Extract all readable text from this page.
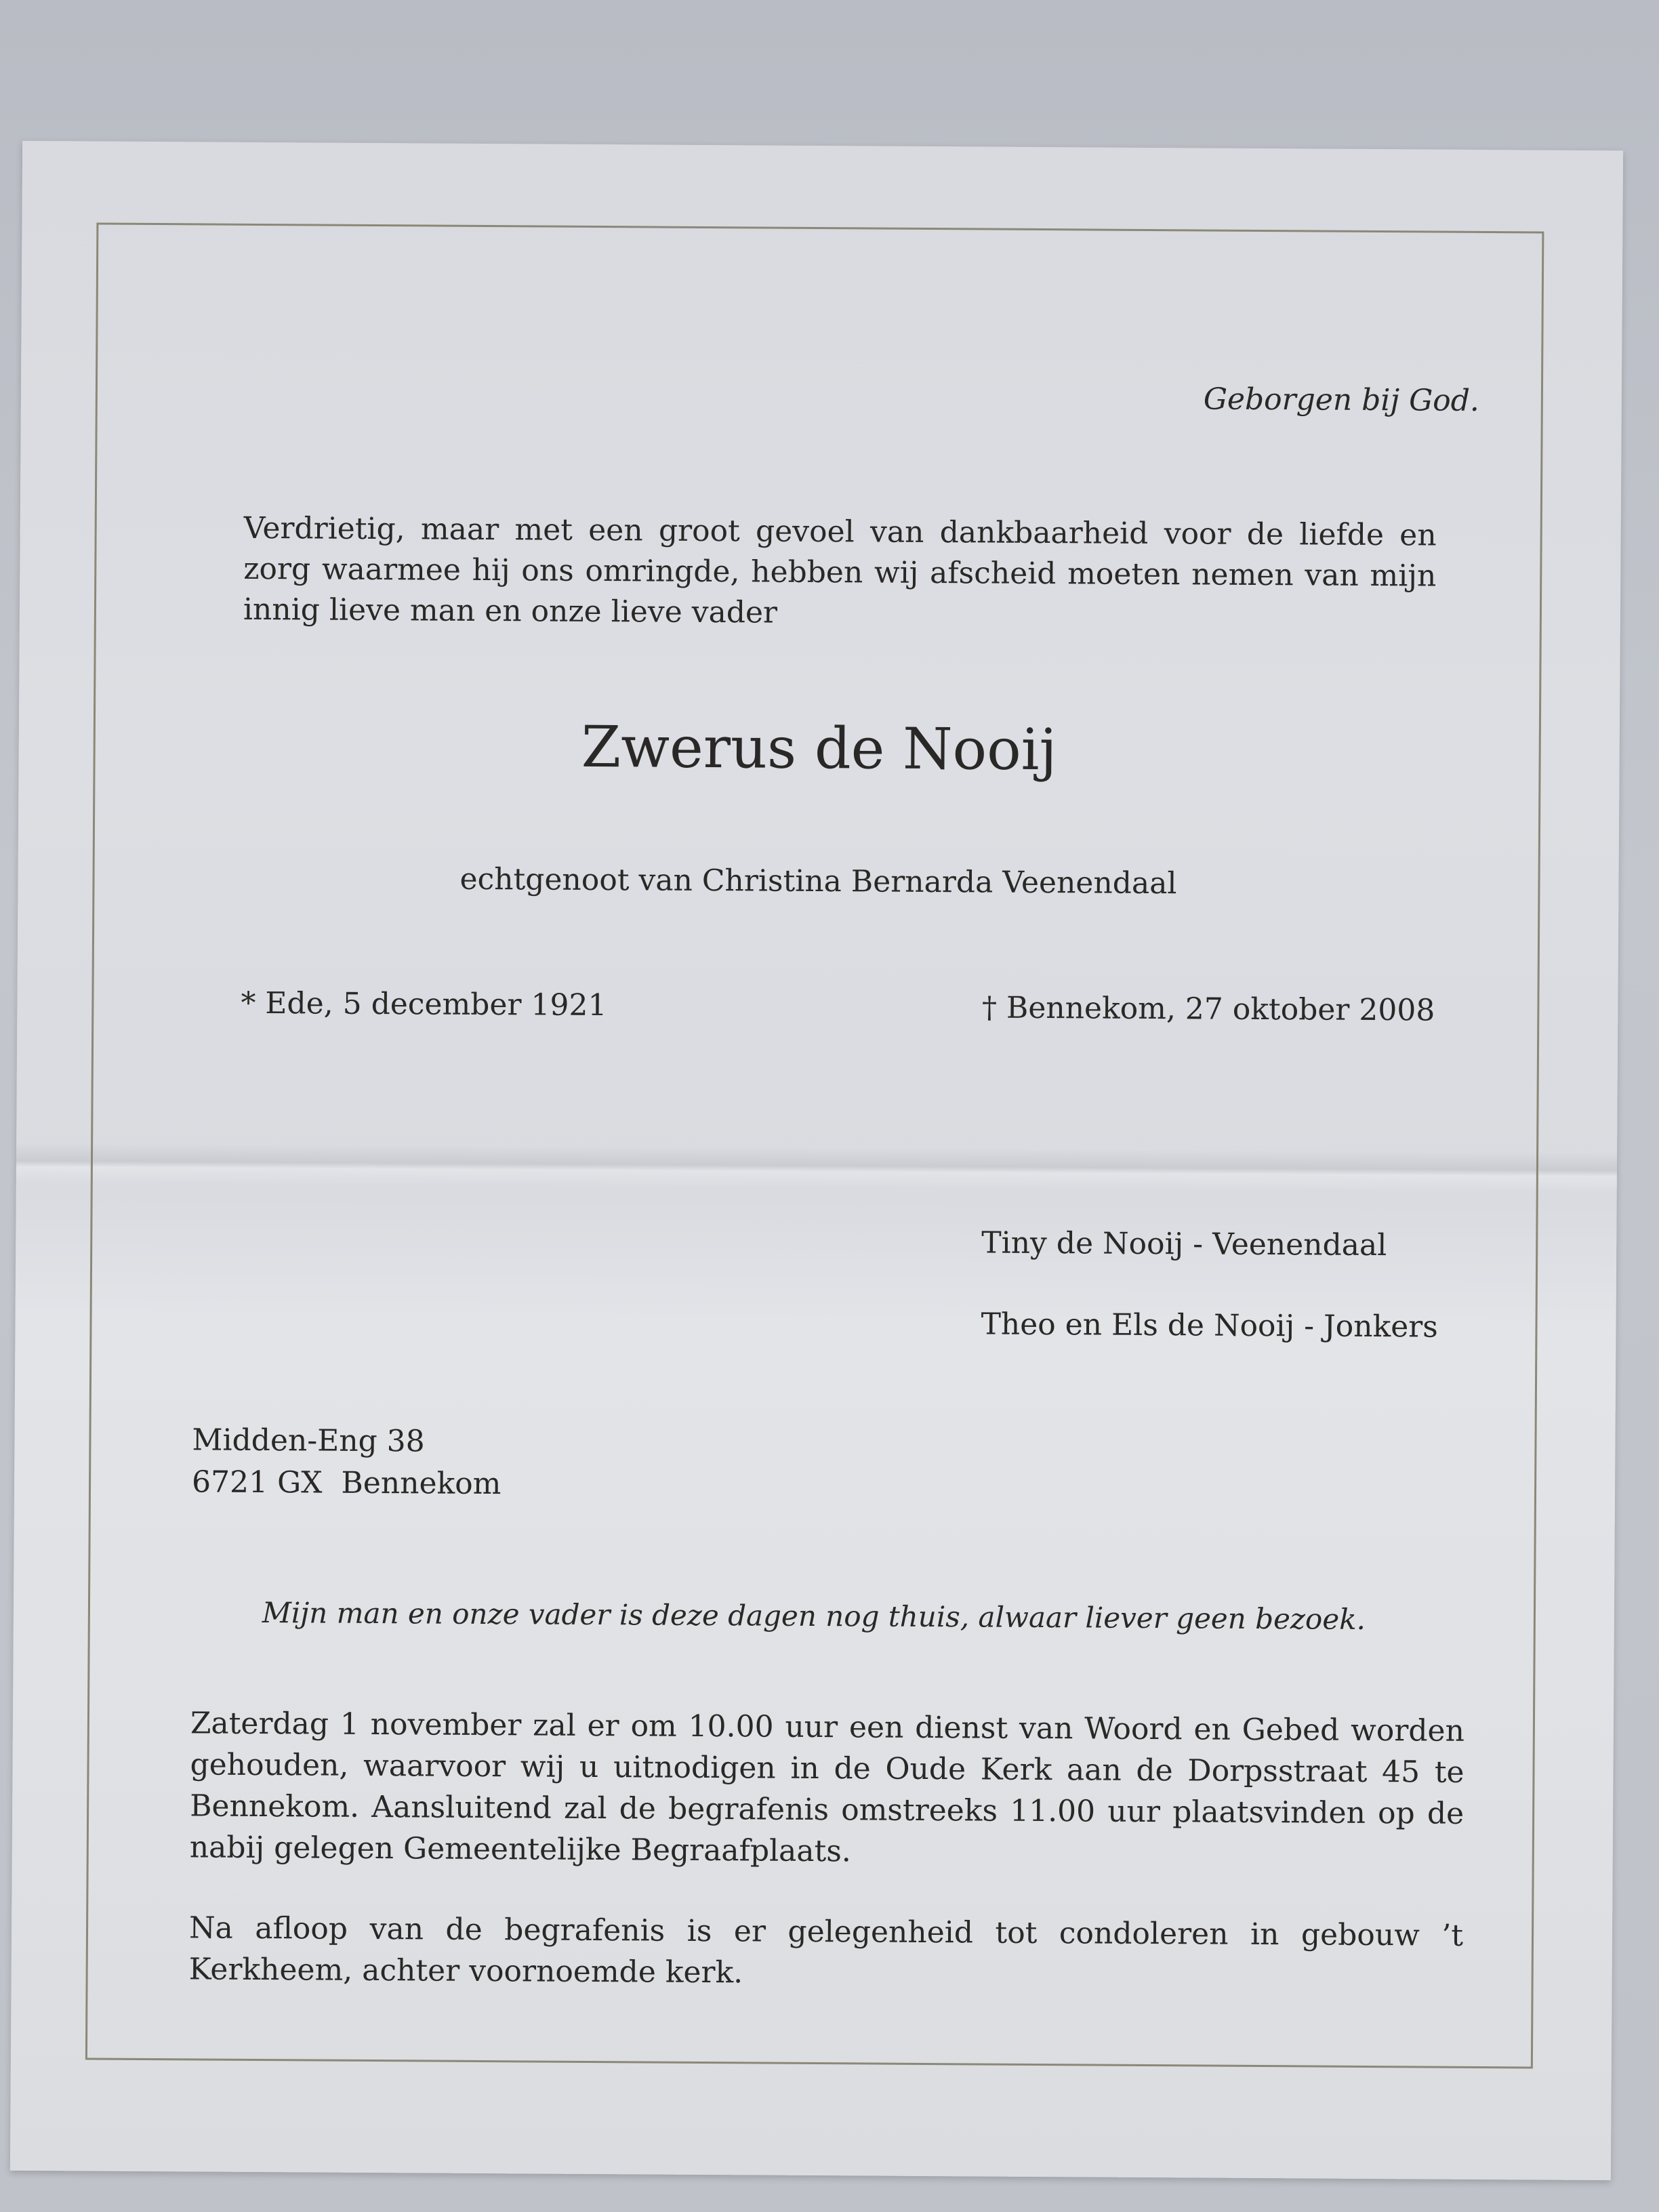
Geborgen bij God.
Verdrietig, maar met een groot gevoel van dankbaarheid voor de liefde en zorg waarmee hij ons omringde, hebben wij afscheid moeten nemen van mijn innig lieve man en onze lieve vader
Zwerus de Nooij
echtgenoot van Christina Bernarda Veenendaal
* Ede, 5 december 1921	† Bennekom, 27 oktober 2008
Tiny de Nooij - Veenendaal
Theo en Els de Nooij - Jonkers
Midden-Eng 38
6721 GX  Bennekom
Mijn man en onze vader is deze dagen nog thuis, alwaar liever geen bezoek.
Zaterdag 1 november zal er om 10.00 uur een dienst van Woord en Gebed worden gehouden, waarvoor wij u uitnodigen in de Oude Kerk aan de Dorpsstraat 45 te Bennekom. Aansluitend zal de begrafenis omstreeks 11.00 uur plaatsvinden op de nabij gelegen Gemeentelijke Begraafplaats.
Na afloop van de begrafenis is er gelegenheid tot condoleren in gebouw ’t Kerkheem, achter voornoemde kerk.
